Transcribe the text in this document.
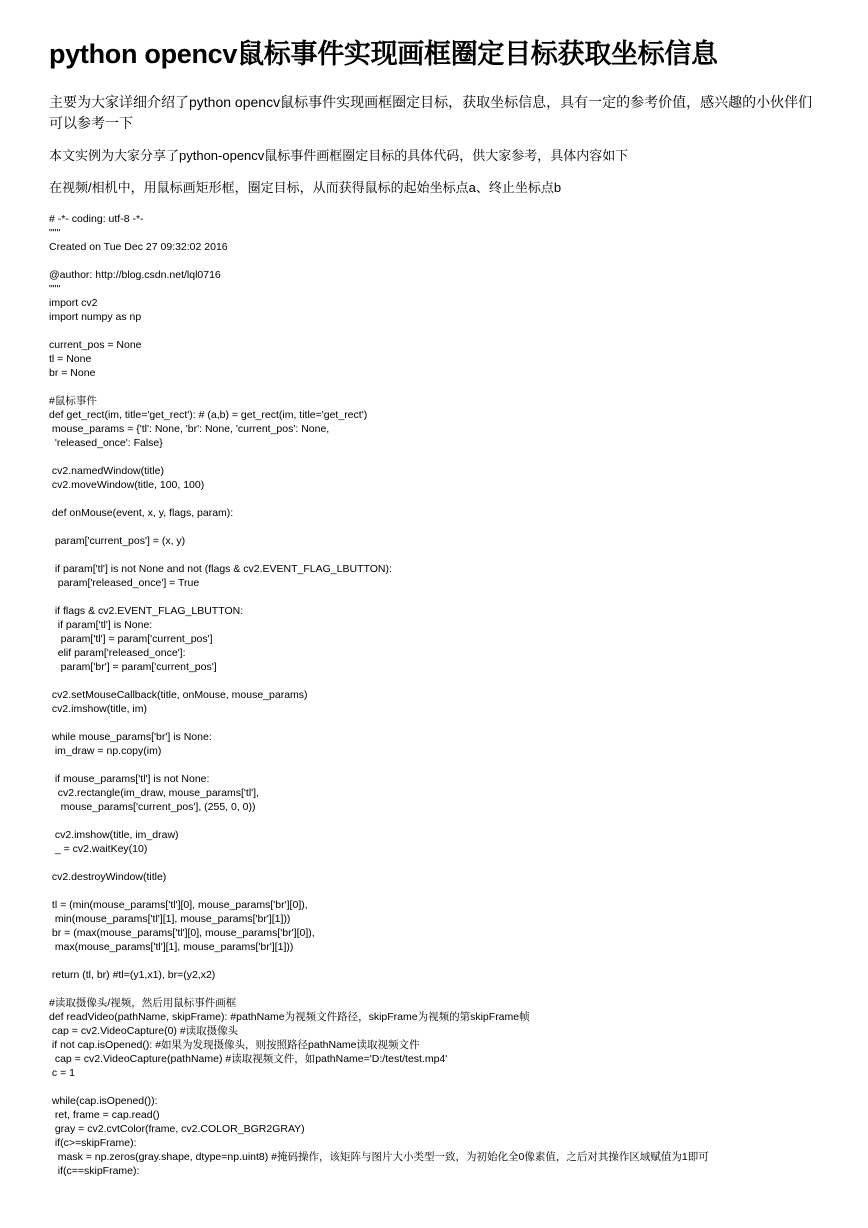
python opencv鼠标事件实现画框圈定目标获取坐标信息

主要为大家详细介绍了python opencv鼠标事件实现画框圈定目标，获取坐标信息，具有一定的参考价值，感兴趣的小伙伴们可以参考一下

本文实例为大家分享了python-opencv鼠标事件画框圈定目标的具体代码，供大家参考，具体内容如下

在视频/相机中，用鼠标画矩形框，圈定目标，从而获得鼠标的起始坐标点a、终止坐标点b

# -*- coding: utf-8 -*-
"""
Created on Tue Dec 27 09:32:02 2016
@author: http://blog.csdn.net/lql0716
"""
import cv2
import numpy as np
current_pos = None
tl = None
br = None
#鼠标事件
def get_rect(im, title='get_rect'): # (a,b) = get_rect(im, title='get_rect')
mouse_params = {'tl': None, 'br': None, 'current_pos': None,
'released_once': False}
cv2.namedWindow(title)
cv2.moveWindow(title, 100, 100)
def onMouse(event, x, y, flags, param):
param['current_pos'] = (x, y)
if param['tl'] is not None and not (flags & cv2.EVENT_FLAG_LBUTTON):
param['released_once'] = True
if flags & cv2.EVENT_FLAG_LBUTTON:
if param['tl'] is None:
param['tl'] = param['current_pos']
elif param['released_once']:
param['br'] = param['current_pos']
cv2.setMouseCallback(title, onMouse, mouse_params)
cv2.imshow(title, im)
while mouse_params['br'] is None:
im_draw = np.copy(im)
if mouse_params['tl'] is not None:
cv2.rectangle(im_draw, mouse_params['tl'],
mouse_params['current_pos'], (255, 0, 0))
cv2.imshow(title, im_draw)
_ = cv2.waitKey(10)
cv2.destroyWindow(title)
tl = (min(mouse_params['tl'][0], mouse_params['br'][0]),
min(mouse_params['tl'][1], mouse_params['br'][1]))
br = (max(mouse_params['tl'][0], mouse_params['br'][0]),
max(mouse_params['tl'][1], mouse_params['br'][1]))
return (tl, br) #tl=(y1,x1), br=(y2,x2)
#读取摄像头/视频，然后用鼠标事件画框
def readVideo(pathName, skipFrame): #pathName为视频文件路径，skipFrame为视频的第skipFrame帧
cap = cv2.VideoCapture(0) #读取摄像头
if not cap.isOpened(): #如果为发现摄像头，则按照路径pathName读取视频文件
cap = cv2.VideoCapture(pathName) #读取视频文件，如pathName='D:/test/test.mp4'
c = 1
while(cap.isOpened()):
ret, frame = cap.read()
gray = cv2.cvtColor(frame, cv2.COLOR_BGR2GRAY)
if(c>=skipFrame):
mask = np.zeros(gray.shape, dtype=np.uint8) #掩码操作，该矩阵与图片大小类型一致，为初始化全0像素值，之后对其操作区域赋值为1即可
if(c==skipFrame):
